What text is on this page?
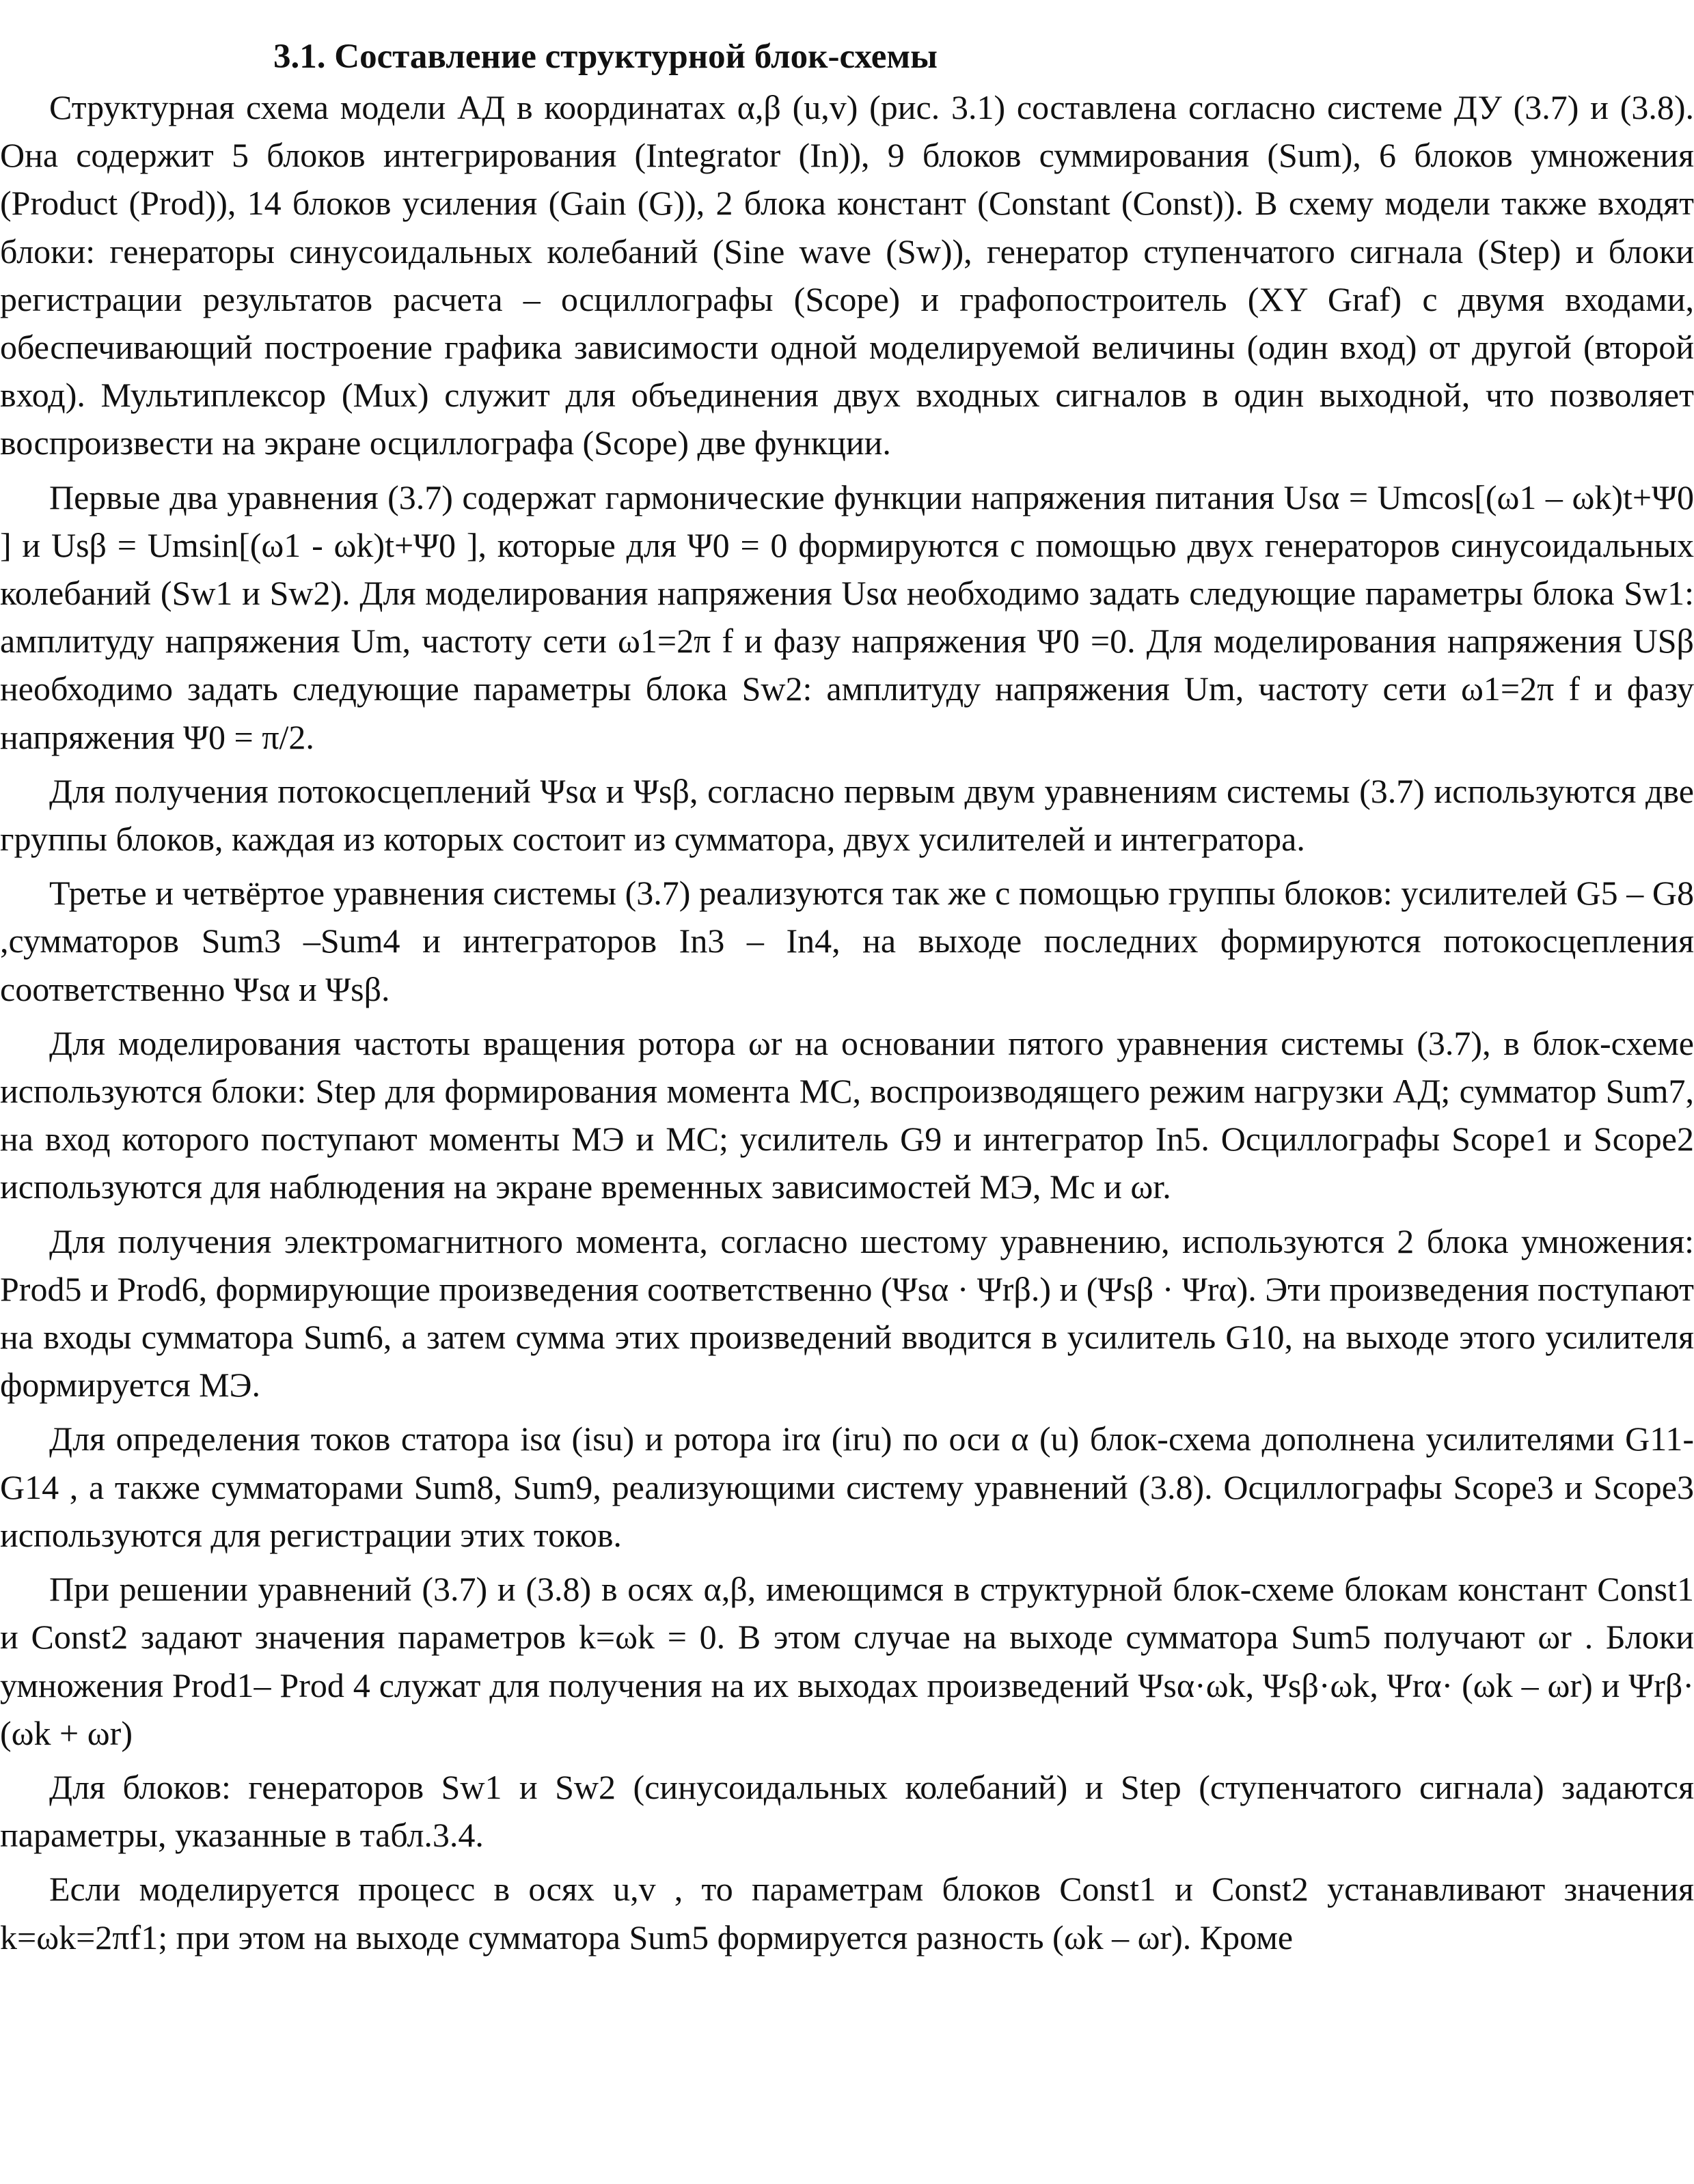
3.1. Составление структурной блок-схемы

Структурная схема модели АД в координатах α,β (u,v) (рис. 3.1) составлена согласно системе ДУ (3.7) и (3.8). Она содержит 5 блоков интегрирования (Integrator (In)), 9 блоков суммирования (Sum), 6 блоков умножения (Product (Prod)), 14 блоков усиления (Gain (G)), 2 блока констант (Constant (Const)). В схему модели также входят блоки: генераторы синусоидальных колебаний (Sine wave (Sw)), генератор ступенчатого сигнала (Step) и блоки регистрации результатов расчета – осциллографы (Scope) и графопостроитель (XY Graf) с двумя входами, обеспечивающий построение графика зависимости одной моделируемой величины (один вход) от другой (второй вход). Мультиплексор (Mux) служит для объединения двух входных сигналов в один выходной, что позволяет воспроизвести на экране осциллографа (Scope) две функции.

Первые два уравнения (3.7) содержат гармонические функции напряжения питания Usα = Umcos[(ω1 – ωk)t+Ψ0 ] и Usβ = Umsin[(ω1 - ωk)t+Ψ0 ], которые для Ψ0 = 0 формируются с помощью двух генераторов синусоидальных колебаний (Sw1 и Sw2). Для моделирования напряжения Usα необходимо задать следующие параметры блока Sw1: амплитуду напряжения Um, частоту сети ω1=2π f и фазу напряжения Ψ0 =0. Для моделирования напряжения USβ необходимо задать следующие параметры блока Sw2: амплитуду напряжения Um, частоту сети ω1=2π f и фазу напряжения Ψ0 = π/2.

Для получения потокосцеплений Ψsα и Ψsβ, согласно первым двум уравнениям системы (3.7) используются две группы блоков, каждая из которых состоит из сумматора, двух усилителей и интегратора.

Третье и четвёртое уравнения системы (3.7) реализуются так же с помощью группы блоков: усилителей G5 – G8 ,сумматоров Sum3 –Sum4 и интеграторов In3 – In4, на выходе последних формируются потокосцепления соответственно Ψsα и Ψsβ.

Для моделирования частоты вращения ротора ωr на основании пятого уравнения системы (3.7), в блок-схеме используются блоки: Step для формирования момента МС, воспроизводящего режим нагрузки АД; сумматор Sum7, на вход которого поступают моменты МЭ и МС; усилитель G9 и интегратор In5. Осциллографы Scope1 и Scope2 используются для наблюдения на экране временных зависимостей МЭ, Мс и ωr.

Для получения электромагнитного момента, согласно шестому уравнению, используются 2 блока умножения: Prod5 и Prod6, формирующие произведения соответственно (Ψsα · Ψrβ.) и (Ψsβ · Ψrα). Эти произведения поступают на входы сумматора Sum6, а затем сумма этих произведений вводится в усилитель G10, на выходе этого усилителя формируется МЭ.

Для определения токов статора isα (isu) и ротора irα (iru) по оси α (u) блок-схема дополнена усилителями G11- G14 , а также сумматорами Sum8, Sum9, реализующими систему уравнений (3.8). Осциллографы Scope3 и Scope3 используются для регистрации этих токов.

При решении уравнений (3.7) и (3.8) в осях α,β, имеющимся в структурной блок-схеме блокам констант Const1 и Const2 задают значения параметров k=ωk = 0. В этом случае на выходе сумматора Sum5 получают ωr . Блоки умножения Prod1– Prod 4 служат для получения на их выходах произведений Ψsα·ωk, Ψsβ·ωk, Ψrα· (ωk – ωr) и Ψrβ· (ωk + ωr)

Для блоков: генераторов Sw1 и Sw2 (синусоидальных колебаний) и Step (ступенчатого сигнала) задаются параметры, указанные в табл.3.4.

Если моделируется процесс в осях u,v , то параметрам блоков Const1 и Const2 устанавливают значения k=ωk=2πf1; при этом на выходе сумматора Sum5 формируется разность (ωk – ωr). Кроме
